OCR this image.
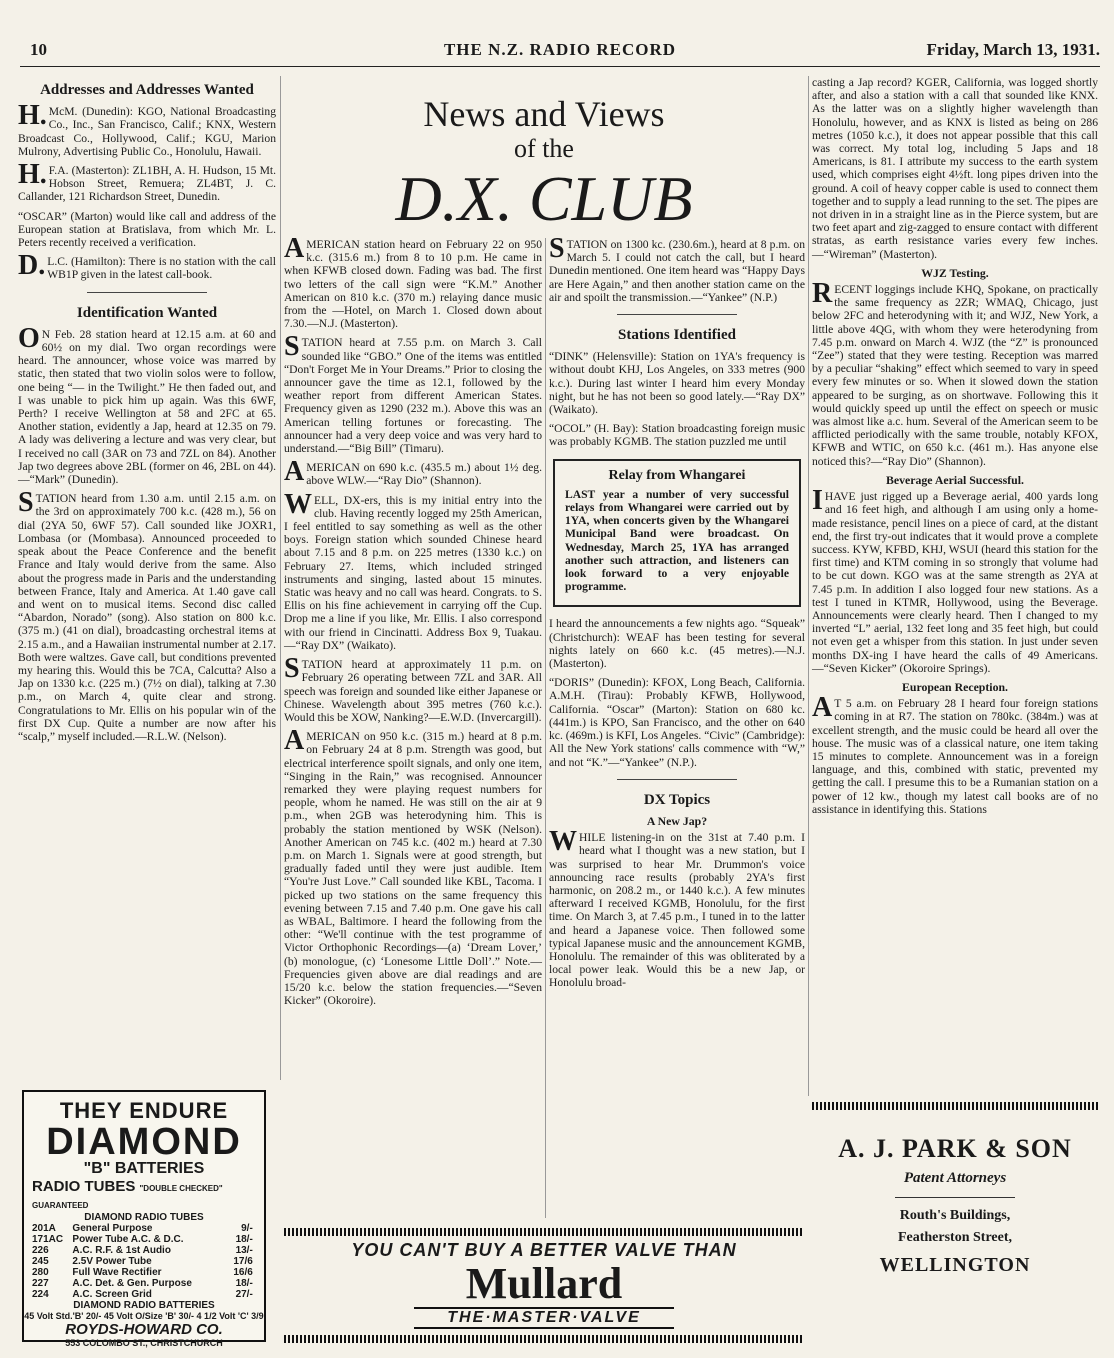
10	THE N.Z. RADIO RECORD	Friday, March 13, 1931.
Addresses and Addresses Wanted

H.McM. (Dunedin): KGO, National Broadcasting Co., Inc., San Francisco, Calif.; KNX, Western Broadcast Co., Hollywood, Calif.; KGU, Marion Mulrony, Advertising Public Co., Honolulu, Hawaii.

H.F.A. (Masterton): ZL1BH, A. H. Hudson, 15 Mt. Hobson Street, Remuera; ZL4BT, J. C. Callander, 121 Richardson Street, Dunedin.

“OSCAR” (Marton) would like call and address of the European station at Bratislava, from which Mr. L. Peters recently received a verification.

D.L.C. (Hamilton): There is no station with the call WB1P given in the latest call-book.

Identification Wanted

ON Feb. 28 station heard at 12.15 a.m. at 60 and 60½ on my dial. Two organ recordings were heard. The announcer, whose voice was marred by static, then stated that two violin solos were to follow, one being “— in the Twilight.” He then faded out, and I was unable to pick him up again. Was this 6WF, Perth? I receive Wellington at 58 and 2FC at 65. Another station, evidently a Jap, heard at 12.35 on 79. A lady was delivering a lecture and was very clear, but I received no call (3AR on 73 and 7ZL on 84). Another Jap two degrees above 2BL (former on 46, 2BL on 44).—“Mark” (Dunedin).

STATION heard from 1.30 a.m. until 2.15 a.m. on the 3rd on approximately 700 k.c. (428 m.), 56 on dial (2YA 50, 6WF 57). Call sounded like JOXR1, Lombasa (or (Mombasa). Announced proceeded to speak about the Peace Conference and the benefit France and Italy would derive from the same. Also about the progress made in Paris and the understanding between France, Italy and America. At 1.40 gave call and went on to musical items. Second disc called “Abardon, Norado” (song). Also station on 800 k.c. (375 m.) (41 on dial), broadcasting orchestral items at 2.15 a.m., and a Hawaiian instrumental number at 2.17. Both were waltzes. Gave call, but conditions prevented my hearing this. Would this be 7CA, Calcutta? Also a Jap on 1330 k.c. (225 m.) (7½ on dial), talking at 7.30 p.m., on March 4, quite clear and strong. Congratulations to Mr. Ellis on his popular win of the first DX Cup. Quite a number are now after his “scalp,” myself included.—R.L.W. (Nelson).

News and Views
of the
D.X. CLUB

AMERICAN station heard on February 22 on 950 k.c. (315.6 m.) from 8 to 10 p.m. He came in when KFWB closed down. Fading was bad. The first two letters of the call sign were “K.M.” Another American on 810 k.c. (370 m.) relaying dance music from the —Hotel, on March 1. Closed down about 7.30.—N.J. (Masterton).

STATION heard at 7.55 p.m. on March 3. Call sounded like “GBO.” One of the items was entitled “Don't Forget Me in Your Dreams.” Prior to closing the announcer gave the time as 12.1, followed by the weather report from different American States. Frequency given as 1290 (232 m.). Above this was an American telling fortunes or forecasting. The announcer had a very deep voice and was very hard to understand.—“Big Bill” (Timaru).

AMERICAN on 690 k.c. (435.5 m.) about 1½ deg. above WLW.—“Ray Dio” (Shannon).

WELL, DX-ers, this is my initial entry into the club. Having recently logged my 25th American, I feel entitled to say something as well as the other boys. Foreign station which sounded Chinese heard about 7.15 and 8 p.m. on 225 metres (1330 k.c.) on February 27. Items, which included stringed instruments and singing, lasted about 15 minutes. Static was heavy and no call was heard. Congrats. to S. Ellis on his fine achievement in carrying off the Cup. Drop me a line if you like, Mr. Ellis. I also correspond with our friend in Cincinatti. Address Box 9, Tuakau.—“Ray DX” (Waikato).

STATION heard at approximately 11 p.m. on February 26 operating between 7ZL and 3AR. All speech was foreign and sounded like either Japanese or Chinese. Wavelength about 395 metres (760 k.c.). Would this be XOW, Nanking?—E.W.D. (Invercargill).

AMERICAN on 950 k.c. (315 m.) heard at 8 p.m. on February 24 at 8 p.m. Strength was good, but electrical interference spoilt signals, and only one item, “Singing in the Rain,” was recognised. Announcer remarked they were playing request numbers for people, whom he named. He was still on the air at 9 p.m., when 2GB was heterodyning him. This is probably the station mentioned by WSK (Nelson). Another American on 745 k.c. (402 m.) heard at 7.30 p.m. on March 1. Signals were at good strength, but gradually faded until they were just audible. Item “You're Just Love.” Call sounded like KBL, Tacoma. I picked up two stations on the same frequency this evening between 7.15 and 7.40 p.m. One gave his call as WBAL, Baltimore. I heard the following from the other: “We'll continue with the test programme of Victor Orthophonic Recordings—(a) ‘Dream Lover,’ (b) monologue, (c) ‘Lonesome Little Doll’.” Note.—Frequencies given above are dial readings and are 15/20 k.c. below the station frequencies.—“Seven Kicker” (Okoroire).

STATION on 1300 kc. (230.6m.), heard at 8 p.m. on March 5. I could not catch the call, but I heard Dunedin mentioned. One item heard was “Happy Days are Here Again,” and then another station came on the air and spoilt the transmission.—“Yankee” (N.P.)

Stations Identified

“DINK” (Helensville): Station on 1YA's frequency is without doubt KHJ, Los Angeles, on 333 metres (900 k.c.). During last winter I heard him every Monday night, but he has not been so good lately.—“Ray DX” (Waikato).

“OCOL” (H. Bay): Station broadcasting foreign music was probably KGMB. The station puzzled me until

Relay from Whangarei

LAST year a number of very successful relays from Whangarei were carried out by 1YA, when concerts given by the Whangarei Municipal Band were broadcast. On Wednesday, March 25, 1YA has arranged another such attraction, and listeners can look forward to a very enjoyable programme.

I heard the announcements a few nights ago. “Squeak” (Christchurch): WEAF has been testing for several nights lately on 660 k.c. (45 metres).—N.J. (Masterton).

“DORIS” (Dunedin): KFOX, Long Beach, California. A.M.H. (Tirau): Probably KFWB, Hollywood, California. “Oscar” (Marton): Station on 680 kc. (441m.) is KPO, San Francisco, and the other on 640 kc. (469m.) is KFI, Los Angeles. “Civic” (Cambridge): All the New York stations' calls commence with “W,” and not “K.”—“Yankee” (N.P.).

DX Topics
A New Jap?

WHILE listening-in on the 31st at 7.40 p.m. I heard what I thought was a new station, but I was surprised to hear Mr. Drummon's voice announcing race results (probably 2YA's first harmonic, on 208.2 m., or 1440 k.c.). A few minutes afterward I received KGMB, Honolulu, for the first time. On March 3, at 7.45 p.m., I tuned in to the latter and heard a Japanese voice. Then followed some typical Japanese music and the announcement KGMB, Honolulu. The remainder of this was obliterated by a local power leak. Would this be a new Jap, or Honolulu broad-

casting a Jap record? KGER, California, was logged shortly after, and also a station with a call that sounded like KNX. As the latter was on a slightly higher wavelength than Honolulu, however, and as KNX is listed as being on 286 metres (1050 k.c.), it does not appear possible that this call was correct. My total log, including 5 Japs and 18 Americans, is 81. I attribute my success to the earth system used, which comprises eight 4½ft. long pipes driven into the ground. A coil of heavy copper cable is used to connect them together and to supply a lead running to the set. The pipes are not driven in in a straight line as in the Pierce system, but are two feet apart and zig-zagged to ensure contact with different stratas, as earth resistance varies every few inches.—“Wireman” (Masterton).

WJZ Testing.

RECENT loggings include KHQ, Spokane, on practically the same frequency as 2ZR; WMAQ, Chicago, just below 2FC and heterodyning with it; and WJZ, New York, a little above 4QG, with whom they were heterodyning from 7.45 p.m. onward on March 4. WJZ (the “Z” is pronounced “Zee”) stated that they were testing. Reception was marred by a peculiar “shaking” effect which seemed to vary in speed every few minutes or so. When it slowed down the station appeared to be surging, as on shortwave. Following this it would quickly speed up until the effect on speech or music was almost like a.c. hum. Several of the American seem to be afflicted periodically with the same trouble, notably KFOX, KFWB and WTIC, on 650 k.c. (461 m.). Has anyone else noticed this?—“Ray Dio” (Shannon).

Beverage Aerial Successful.

IHAVE just rigged up a Beverage aerial, 400 yards long and 16 feet high, and although I am using only a home-made resistance, pencil lines on a piece of card, at the distant end, the first try-out indicates that it would prove a complete success. KYW, KFBD, KHJ, WSUI (heard this station for the first time) and KTM coming in so strongly that volume had to be cut down. KGO was at the same strength as 2YA at 7.45 p.m. In addition I also logged four new stations. As a test I tuned in KTMR, Hollywood, using the Beverage. Announcements were clearly heard. Then I changed to my inverted “L” aerial, 132 feet long and 35 feet high, but could not even get a whisper from this station. In just under seven months DX-ing I have heard the calls of 49 Americans.—“Seven Kicker” (Okoroire Springs).

European Reception.

AT 5 a.m. on February 28 I heard four foreign stations coming in at R7. The station on 780kc. (384m.) was at excellent strength, and the music could be heard all over the house. The music was of a classical nature, one item taking 15 minutes to complete. Announcement was in a foreign language, and this, combined with static, prevented my getting the call. I presume this to be a Rumanian station on a power of 12 kw., though my latest call books are of no assistance in identifying this. Stations

THEY ENDURE
DIAMOND
"B" BATTERIES
RADIO TUBES "DOUBLE CHECKED" GUARANTEED
DIAMOND RADIO TUBES
201A	General Purpose	9/-
171AC	Power Tube A.C. & D.C.	18/-
226	A.C. R.F. & 1st Audio	13/-
245	2.5V Power Tube	17/6
280	Full Wave Rectifier	16/6
227	A.C. Det. & Gen. Purpose	18/-
224	A.C. Screen Grid	27/-
DIAMOND RADIO BATTERIES
45 Volt Std.'B' 20/- 45 Volt O/Size 'B' 30/- 4 1/2 Volt 'C' 3/9
ROYDS-HOWARD CO.
553 COLOMBO ST., CHRISTCHURCH
YOU CAN'T BUY A BETTER VALVE THAN
Mullard
THE·MASTER·VALVE
A. J. PARK & SON
Patent Attorneys
Routh's Buildings,
Featherston Street,
WELLINGTON
